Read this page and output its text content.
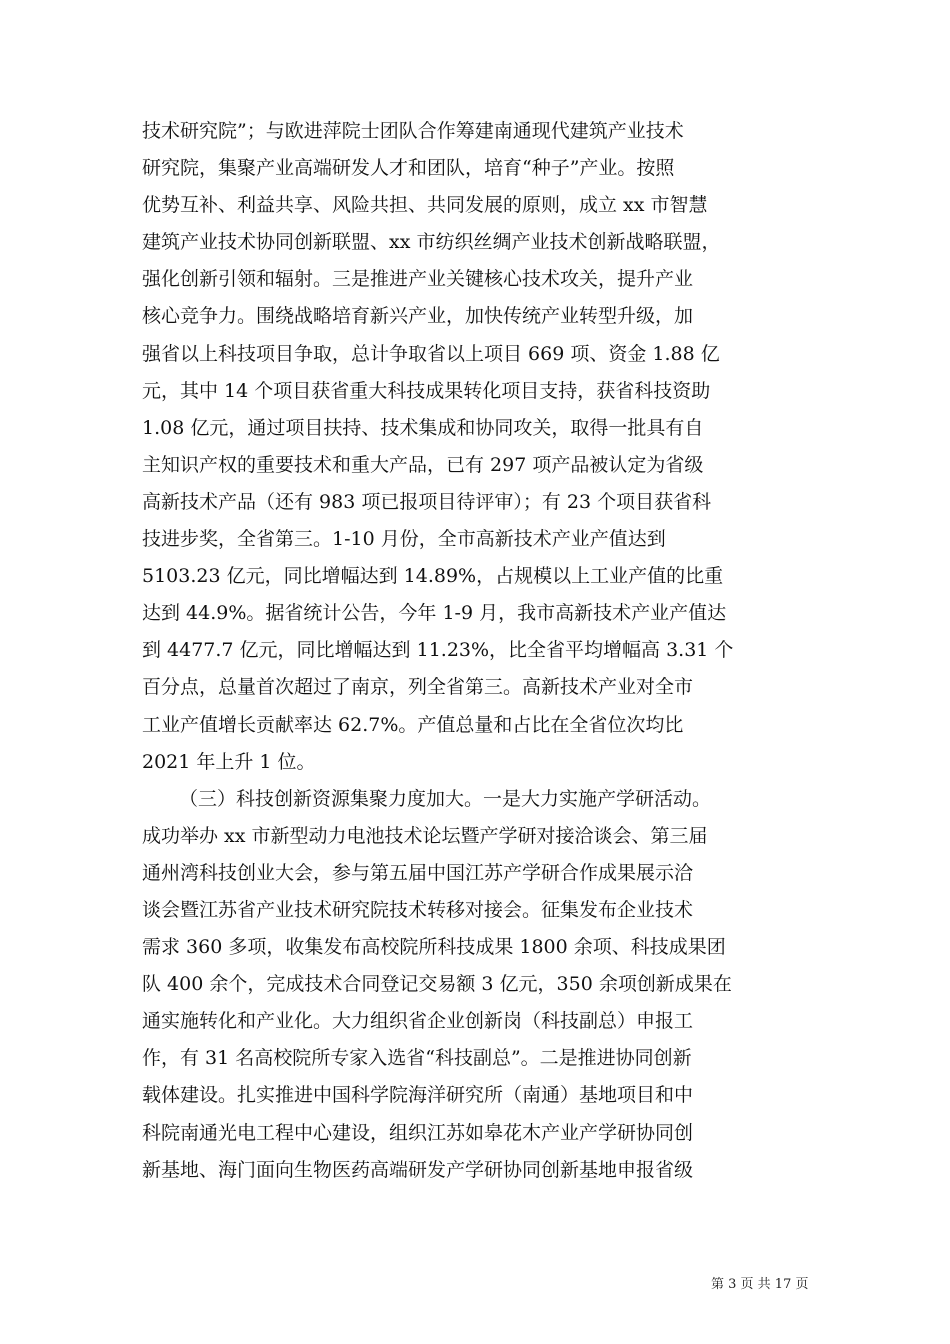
技术研究院”；与欧进萍院士团队合作筹建南通现代建筑产业技术
研究院，集聚产业高端研发人才和团队，培育“种子”产业。按照
优势互补、利益共享、风险共担、共同发展的原则，成立 xx 市智慧
建筑产业技术协同创新联盟、xx 市纺织丝绸产业技术创新战略联盟，
强化创新引领和辐射。三是推进产业关键核心技术攻关，提升产业
核心竞争力。围绕战略培育新兴产业，加快传统产业转型升级，加
强省以上科技项目争取，总计争取省以上项目 669 项、资金 1.88 亿
元，其中 14 个项目获省重大科技成果转化项目支持，获省科技资助
1.08 亿元，通过项目扶持、技术集成和协同攻关，取得一批具有自
主知识产权的重要技术和重大产品，已有 297 项产品被认定为省级
高新技术产品（还有 983 项已报项目待评审）；有 23 个项目获省科
技进步奖，全省第三。1-10 月份，全市高新技术产业产值达到
5103.23 亿元，同比增幅达到 14.89%，占规模以上工业产值的比重
达到 44.9%。据省统计公告，今年 1-9 月，我市高新技术产业产值达
到 4477.7 亿元，同比增幅达到 11.23%，比全省平均增幅高 3.31 个
百分点，总量首次超过了南京，列全省第三。高新技术产业对全市
工业产值增长贡献率达 62.7%。产值总量和占比在全省位次均比
2021 年上升 1 位。
（三）科技创新资源集聚力度加大。一是大力实施产学研活动。
成功举办 xx 市新型动力电池技术论坛暨产学研对接洽谈会、第三届
通州湾科技创业大会，参与第五届中国江苏产学研合作成果展示洽
谈会暨江苏省产业技术研究院技术转移对接会。征集发布企业技术
需求 360 多项，收集发布高校院所科技成果 1800 余项、科技成果团
队 400 余个，完成技术合同登记交易额 3 亿元，350 余项创新成果在
通实施转化和产业化。大力组织省企业创新岗（科技副总）申报工
作，有 31 名高校院所专家入选省“科技副总”。二是推进协同创新
载体建设。扎实推进中国科学院海洋研究所（南通）基地项目和中
科院南通光电工程中心建设，组织江苏如皋花木产业产学研协同创
新基地、海门面向生物医药高端研发产学研协同创新基地申报省级
第 3 页 共 17 页
